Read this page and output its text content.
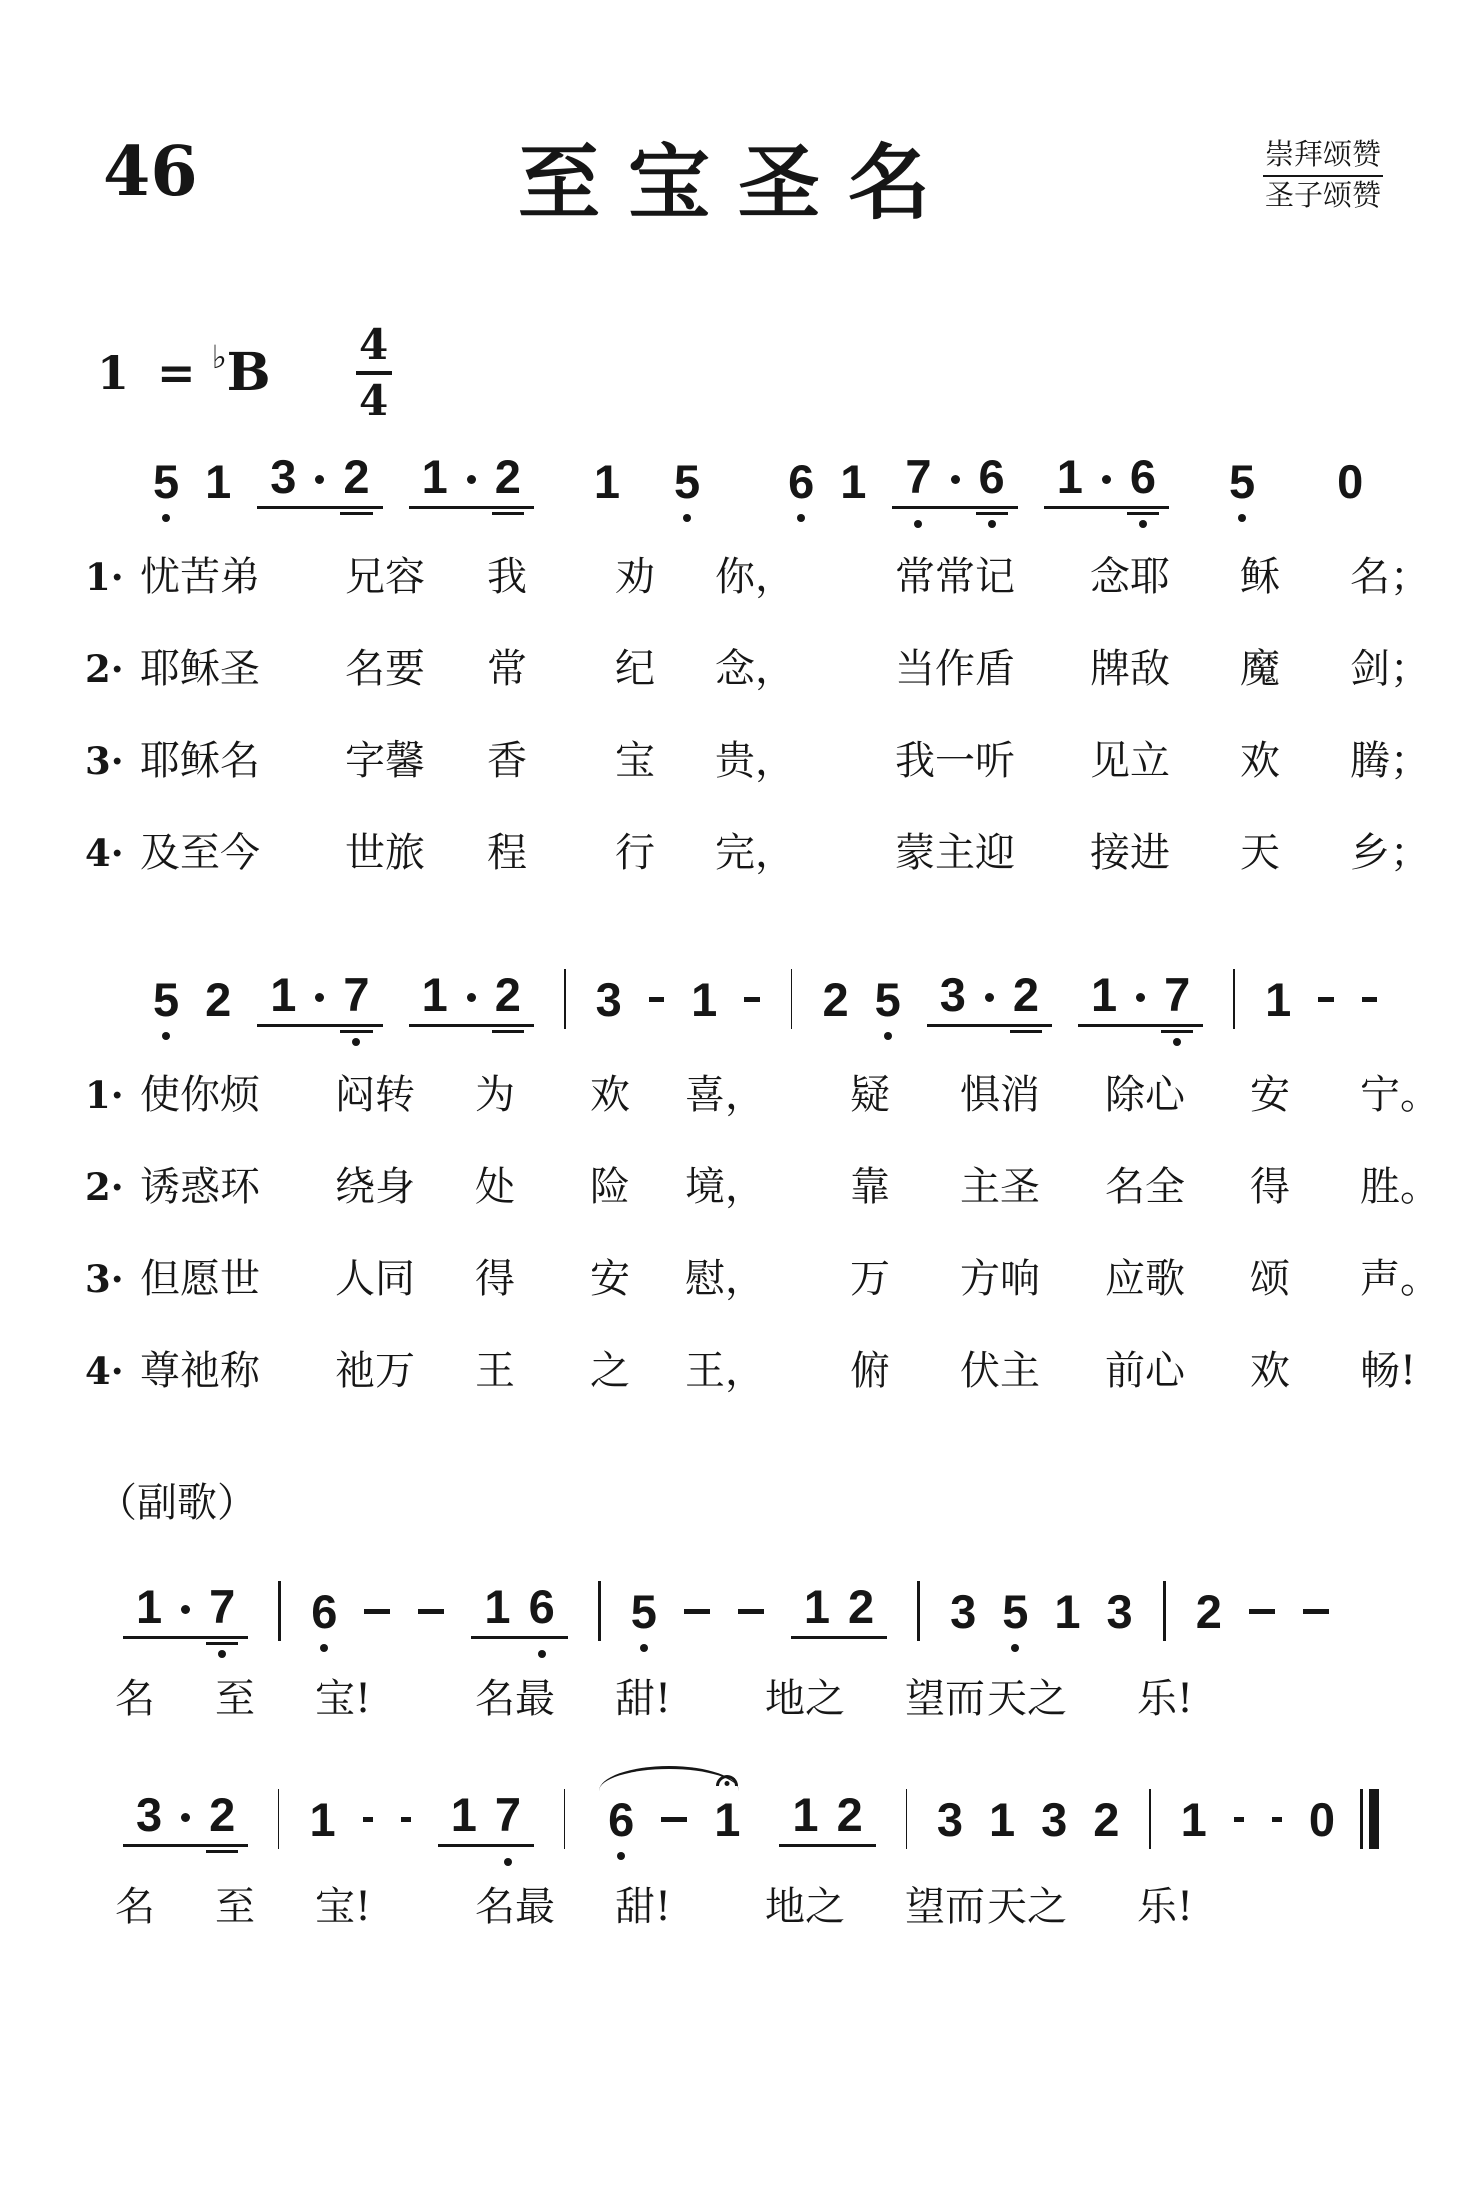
46	至宝圣名	崇拜颂赞
圣子颂赞
1 = ♭ B 4
4
5 1 3 2 1 2 1 5 6 1 7 6 1 6 5 0
1· 忧苦弟	兄容	我	劝	你，	常常记	念耶	稣	名；
2· 耶稣圣	名要	常	纪	念，	当作盾	牌敌	魔	剑；
3· 耶稣名	字馨	香	宝	贵，	我一听	见立	欢	腾；
4· 及至今	世旅	程	行	完，	蒙主迎	接进	天	乡；
5 2 1 7 1 2 3 1 2 5 3 2 1 7 1
1· 使你烦	闷转	为	欢	喜，	疑	惧消	除心	安	宁。
2· 诱惑环	绕身	处	险	境，	靠	主圣	名全	得	胜。
3· 但愿世	人同	得	安	慰，	万	方响	应歌	颂	声。
4· 尊祂称	祂万	王	之	王，	俯	伏主	前心	欢	畅!
（副歌）
1 7 6	1 6 5	1 2 3 5 1 3 2
名	至	宝!	名最	甜!	地之	望而 天之	乐!
3 2 1 1 7 6 1 1 2 3 1 3 2 1 0
名	至	宝!	名最	甜!	地之	望而 天之	乐!
